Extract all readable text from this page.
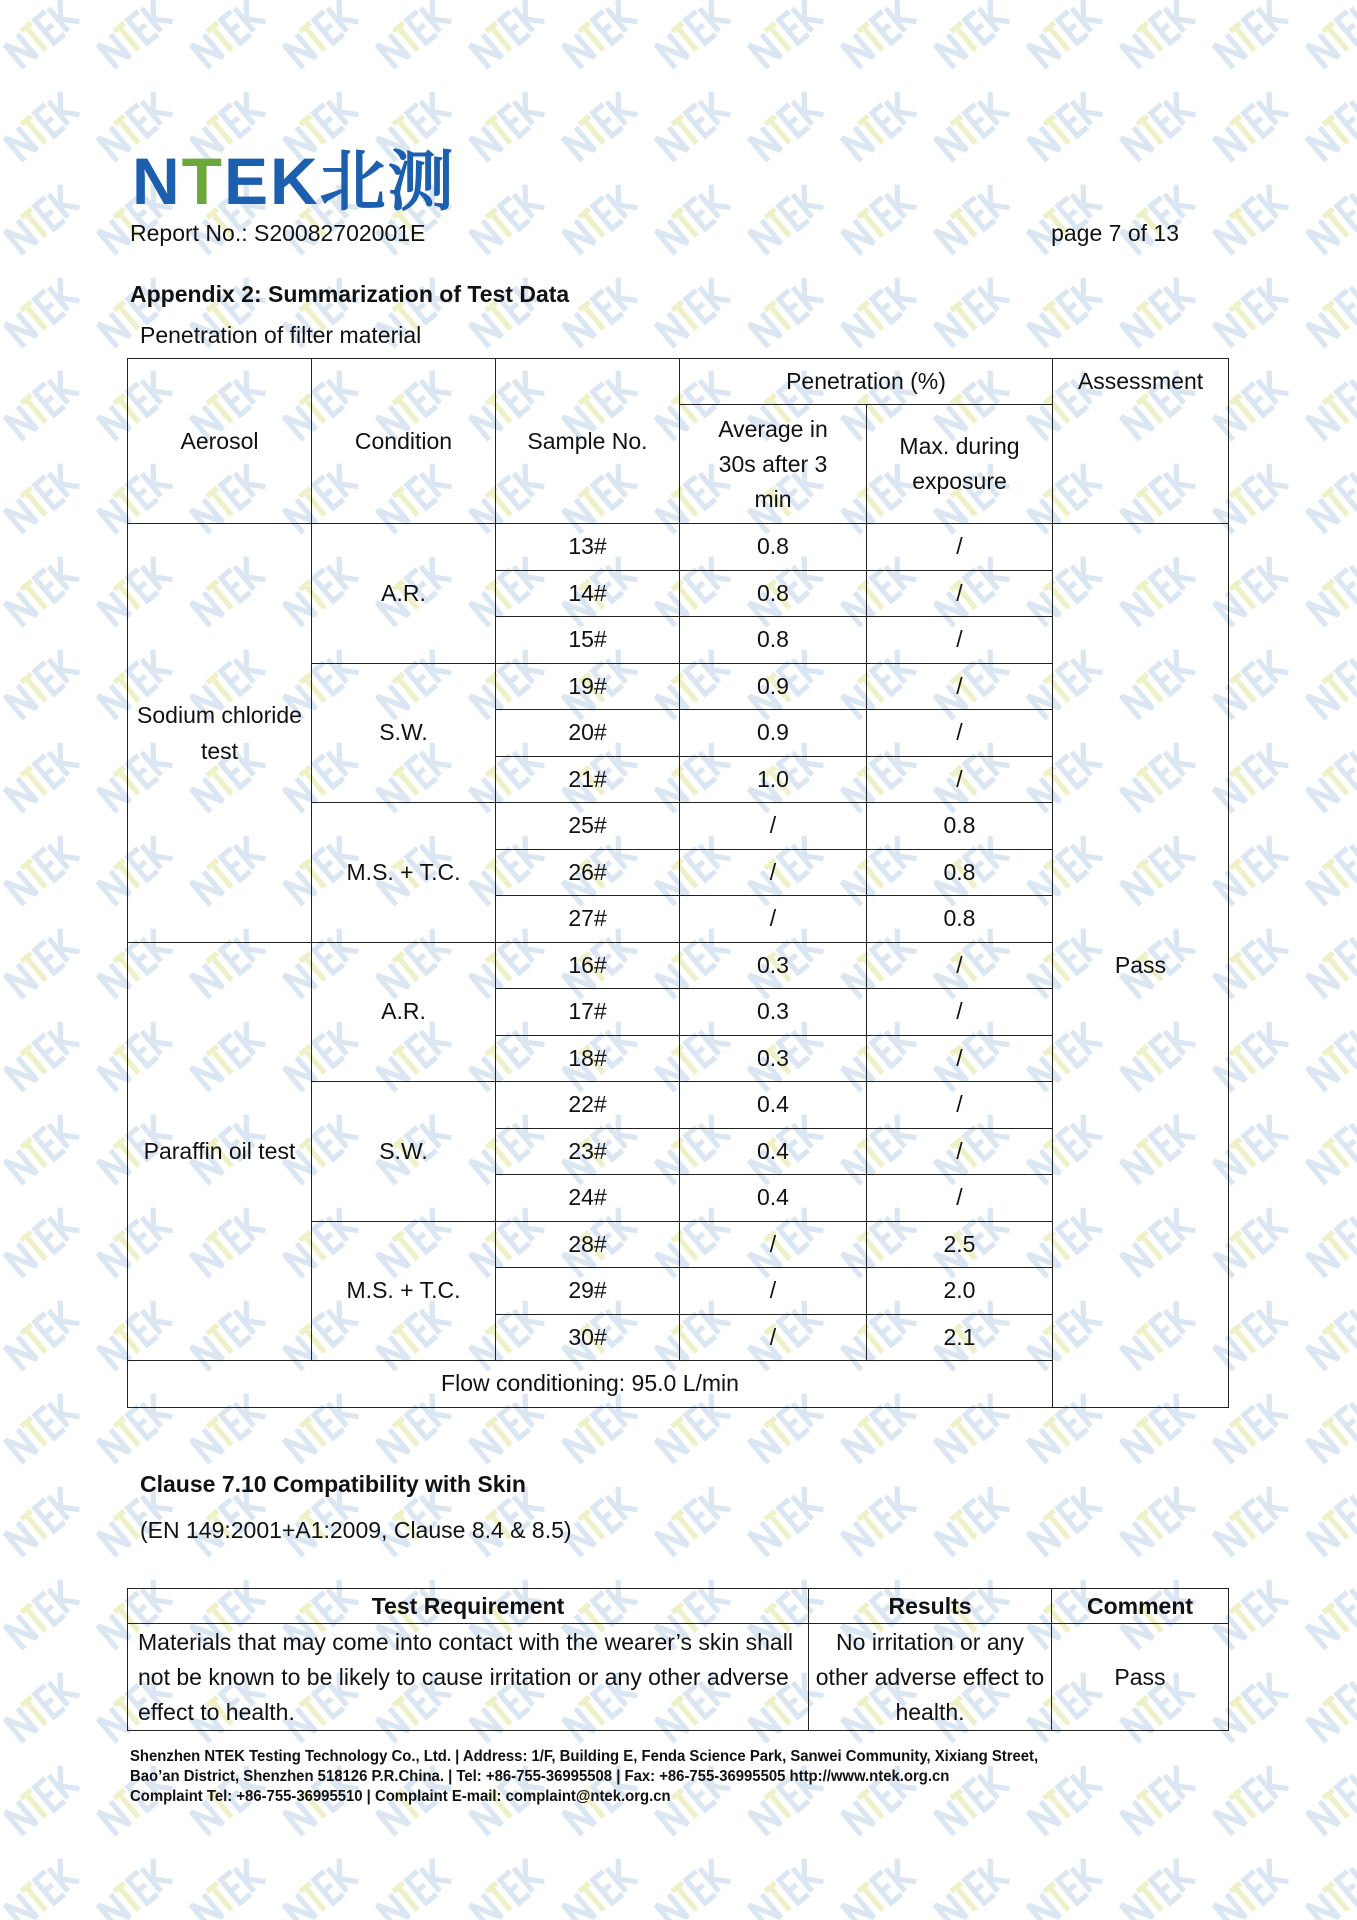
NTEK北测
Report No.: S20082702001E	page 7 of 13
Appendix 2: Summarization of Test Data
Penetration of filter material
Aerosol	Condition	Sample No.	Penetration (%)		Assessment
			Average in 30s after 3 min	Max. during exposure	
Sodium chloride test	A.R.	13#	0.8	/	Pass
		14#	0.8	/	
		15#	0.8	/	
	S.W.	19#	0.9	/	
		20#	0.9	/	
		21#	1.0	/	
	M.S. + T.C.	25#	/	0.8	
		26#	/	0.8	
		27#	/	0.8	
Paraffin oil test	A.R.	16#	0.3	/	
		17#	0.3	/	
		18#	0.3	/	
	S.W.	22#	0.4	/	
		23#	0.4	/	
		24#	0.4	/	
	M.S. + T.C.	28#	/	2.5	
		29#	/	2.0	
		30#	/	2.1	
Flow conditioning: 95.0 L/min					
Clause 7.10 Compatibility with Skin
(EN 149:2001+A1:2009, Clause 8.4 & 8.5)
Test Requirement	Results	Comment
Materials that may come into contact with the wearer’s skin shall not be known to be likely to cause irritation or any other adverse effect to health.	No irritation or any other adverse effect to health.	Pass
Shenzhen NTEK Testing Technology Co., Ltd. | Address: 1/F, Building E, Fenda Science Park, Sanwei Community, Xixiang Street,
Bao’an District, Shenzhen 518126 P.R.China. | Tel: +86-755-36995508 | Fax: +86-755-36995505 http://www.ntek.org.cn
Complaint Tel: +86-755-36995510 | Complaint E-mail: complaint@ntek.org.cn
